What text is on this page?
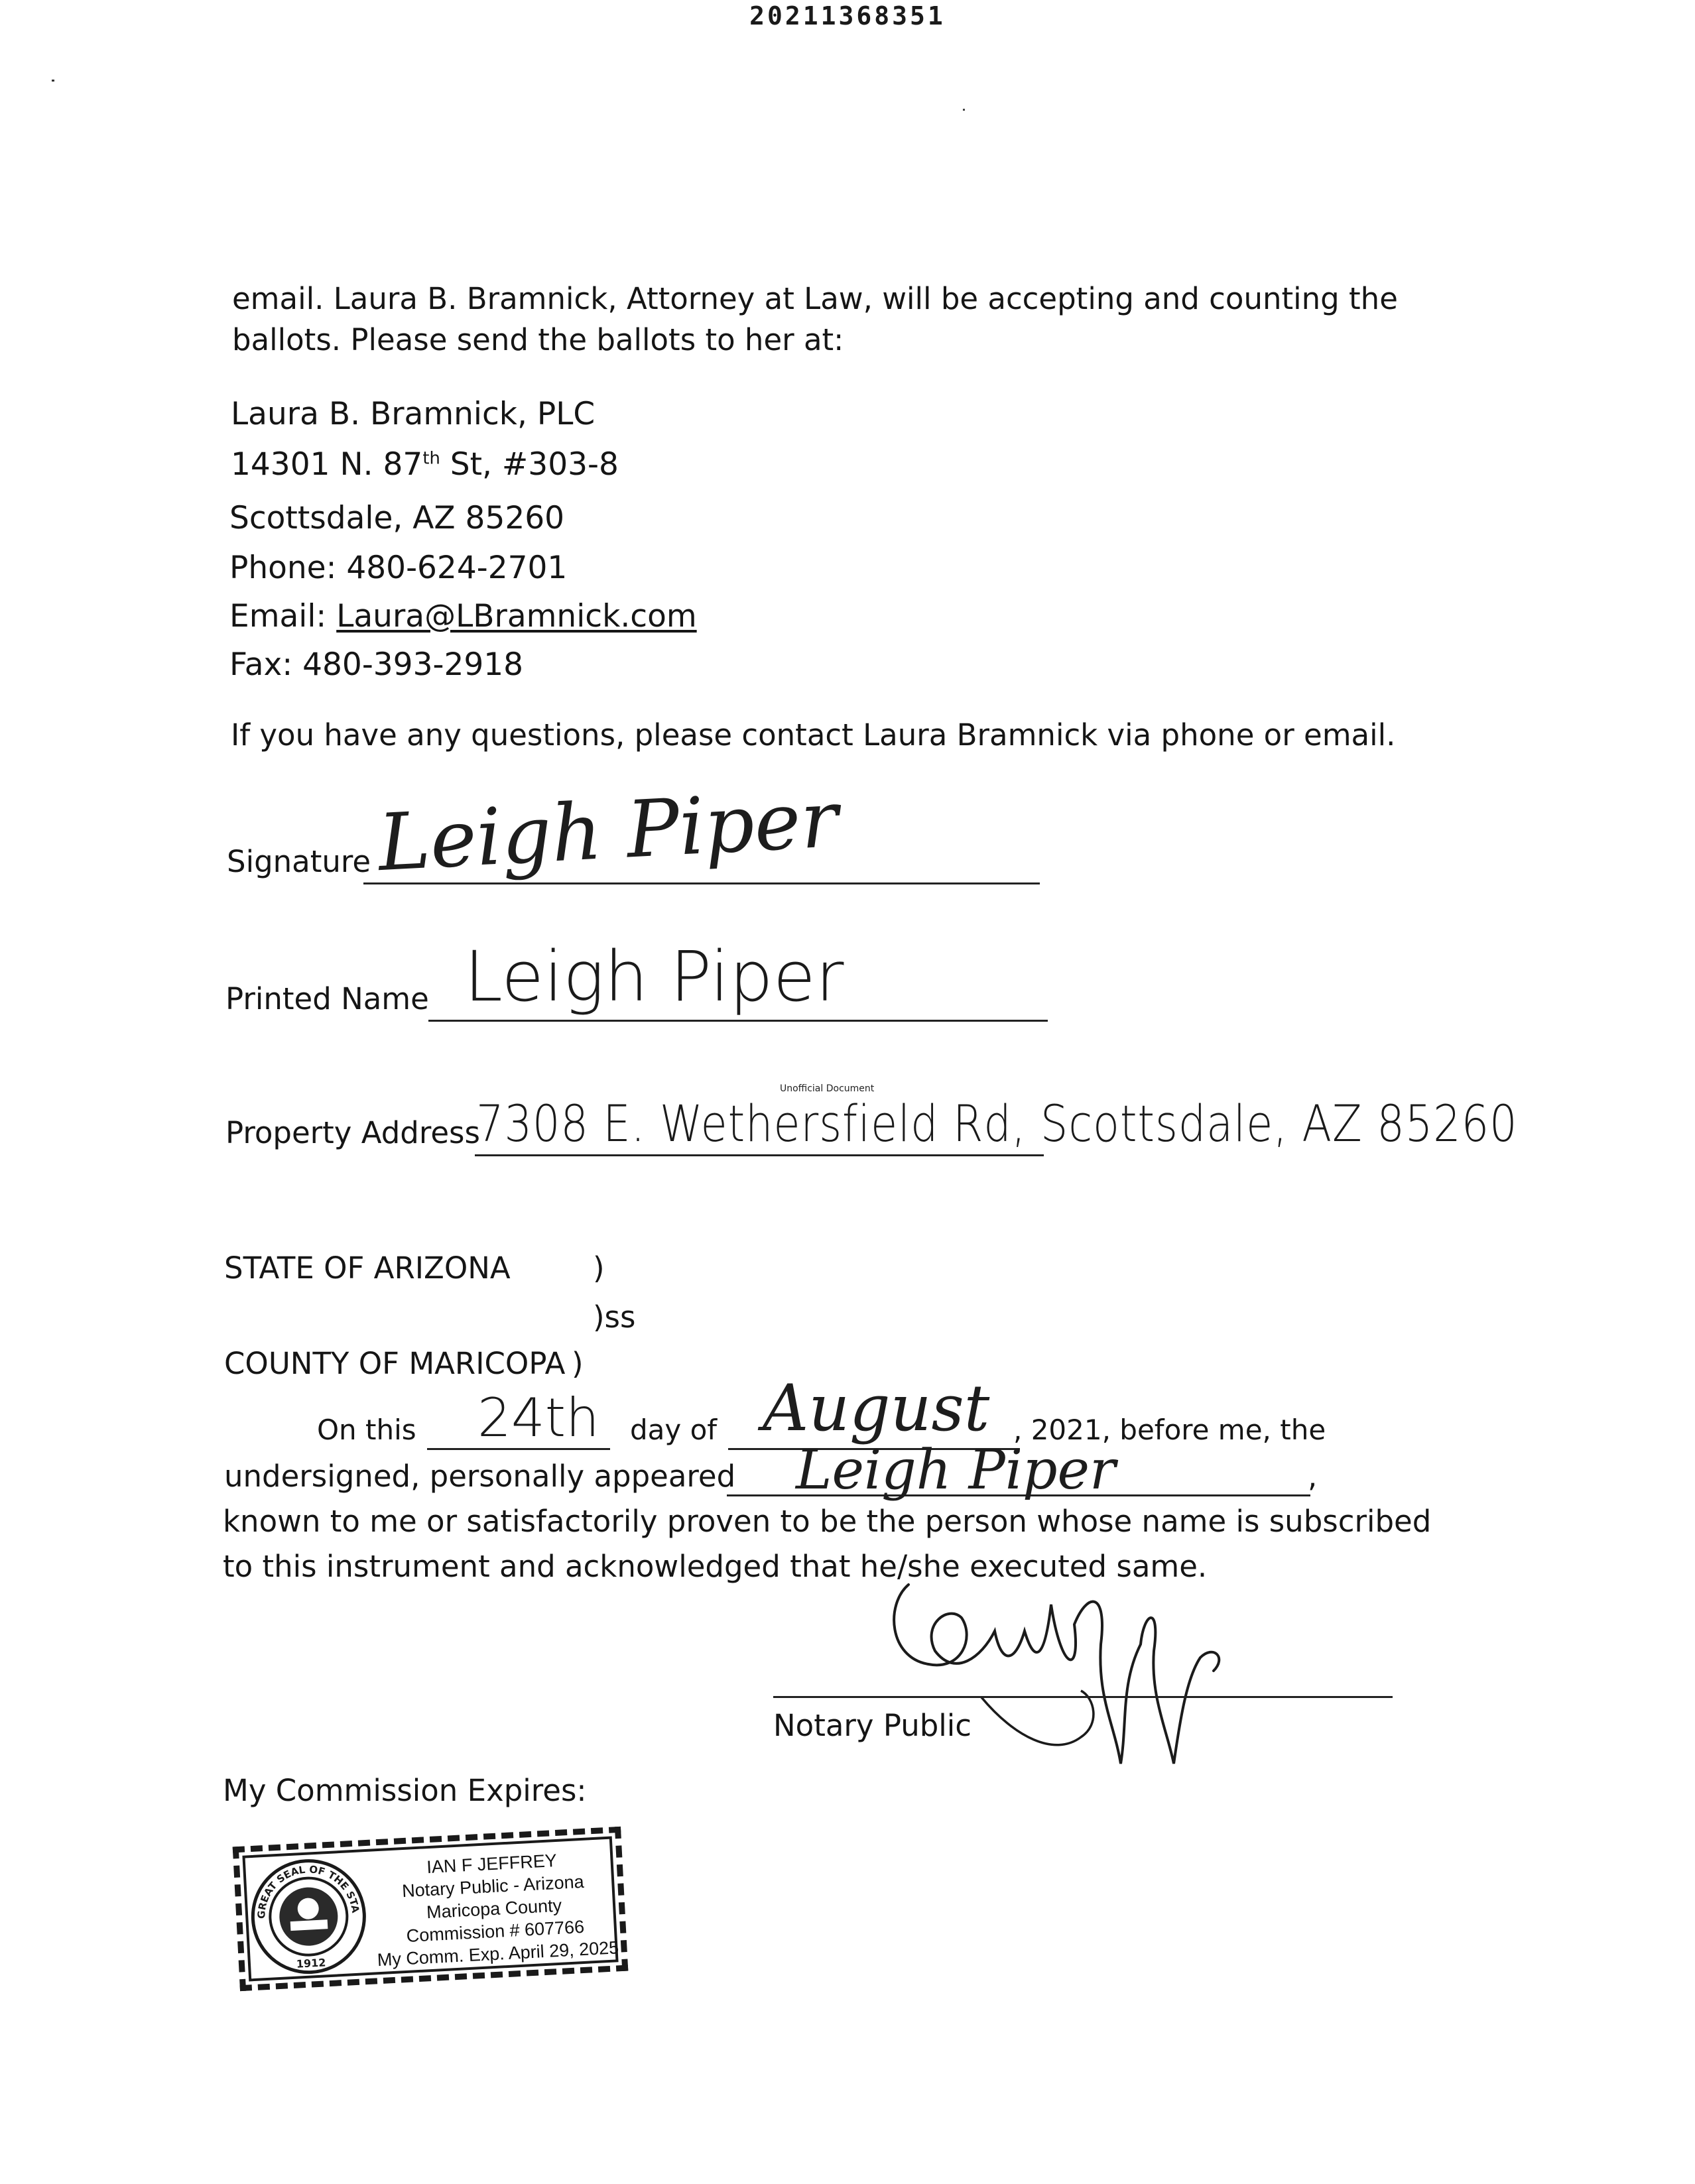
20211368351
email. Laura B. Bramnick, Attorney at Law, will be accepting and counting the
ballots. Please send the ballots to her at:
Laura B. Bramnick, PLC
14301 N. 87th St, #303-8
Scottsdale, AZ 85260
Phone: 480-624-2701
Email: Laura@LBramnick.com
Fax: 480-393-2918
If you have any questions, please contact Laura Bramnick via phone or email.
Signature Leigh Piper
Printed Name Leigh Piper
Unofficial Document
Property Address
7308 E. Wethersfield Rd, Scottsdale, AZ 85260
STATE OF ARIZONA	)
)ss
COUNTY OF MARICOPA )
On this 24th day of August , 2021, before me, the
undersigned, personally appeared Leigh Piper	,
known to me or satisfactorily proven to be the person whose name is subscribed
to this instrument and acknowledged that he/she executed same.
Notary Public
My Commission Expires:
GREAT SEAL OF THE STATE OF ARIZONA
1912
IAN F JEFFREY
Notary Public - Arizona
Maricopa County
Commission # 607766
My Comm. Exp. April 29, 2025
